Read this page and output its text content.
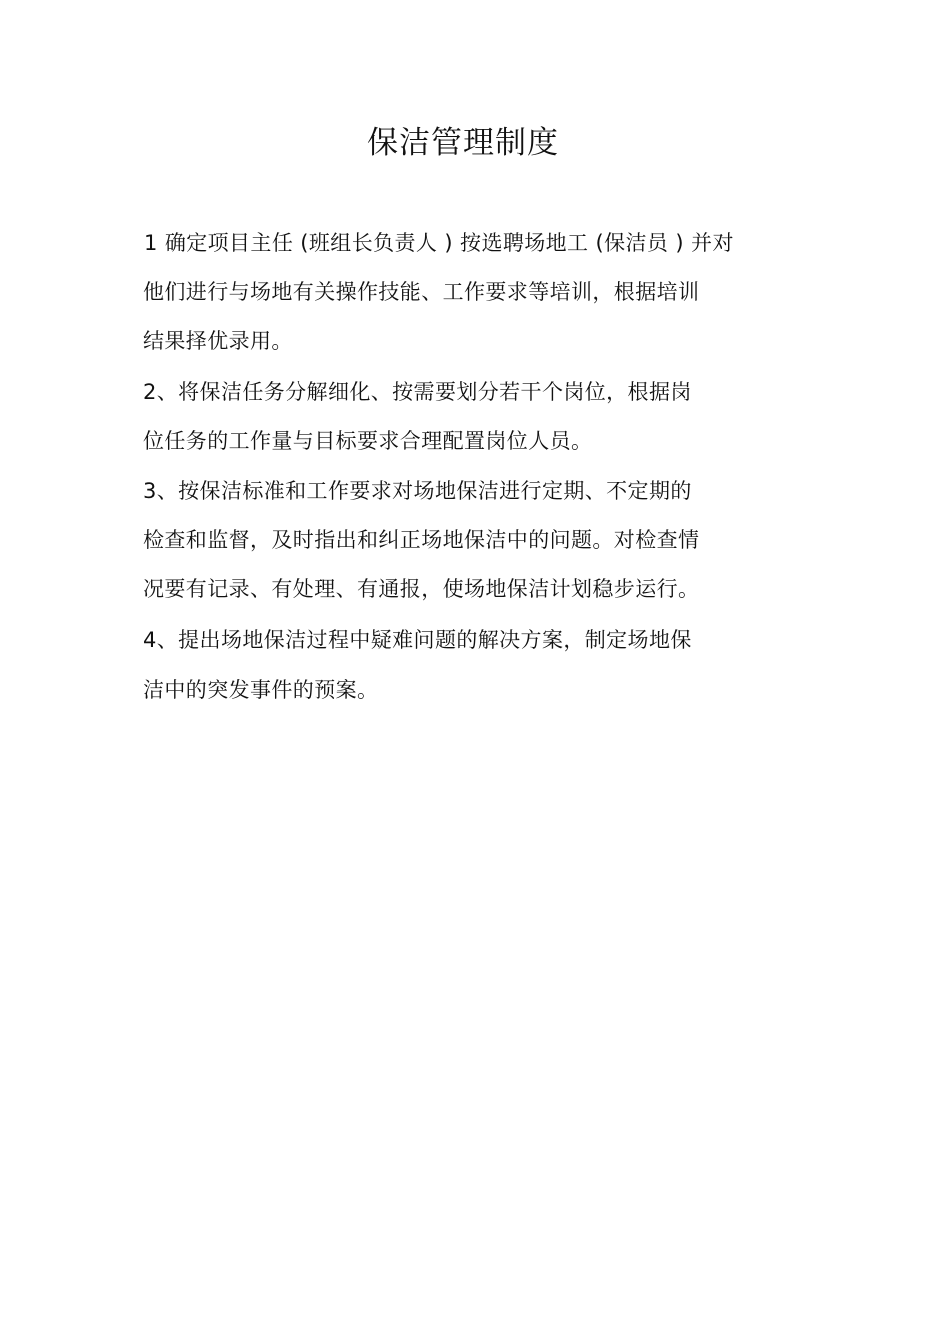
保洁管理制度
1 确定项目主任 (班组长负责人 ) 按选聘场地工 (保洁员 ) 并对
他们进行与场地有关操作技能、工作要求等培训，根据培训
结果择优录用。
2、将保洁任务分解细化、按需要划分若干个岗位，根据岗
位任务的工作量与目标要求合理配置岗位人员。
3、按保洁标准和工作要求对场地保洁进行定期、不定期的
检查和监督，及时指出和纠正场地保洁中的问题。对检查情
况要有记录、有处理、有通报，使场地保洁计划稳步运行。
4、提出场地保洁过程中疑难问题的解决方案，制定场地保
洁中的突发事件的预案。
